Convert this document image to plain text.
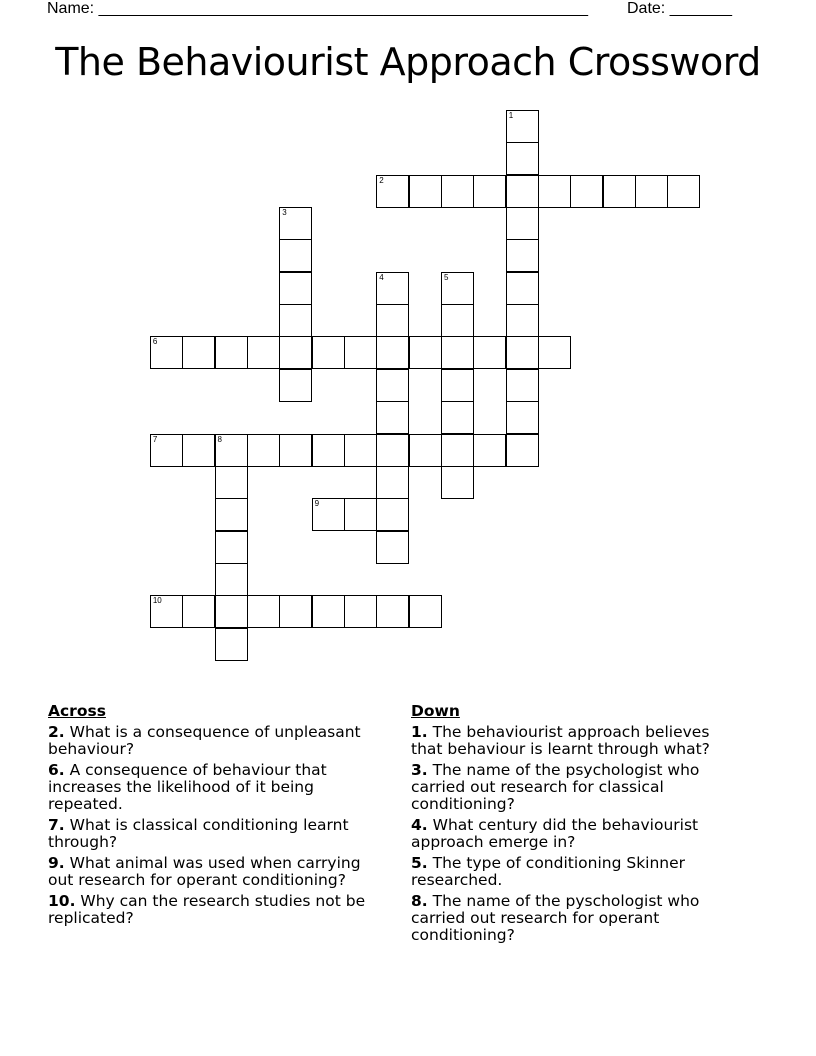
Name: _______________________________________________________ Date: _______
The Behaviourist Approach Crossword
1
2
3
4	5
6
7	8
9
10
Across
2. What is a consequence of unpleasant behaviour?
6. A consequence of behaviour that increases the likelihood of it being repeated.
7. What is classical conditioning learnt through?
9. What animal was used when carrying out research for operant conditioning?
10. Why can the research studies not be replicated?
Down
1. The behaviourist approach believes that behaviour is learnt through what?
3. The name of the psychologist who carried out research for classical conditioning?
4. What century did the behaviourist approach emerge in?
5. The type of conditioning Skinner researched.
8. The name of the pyschologist who carried out research for operant conditioning?
